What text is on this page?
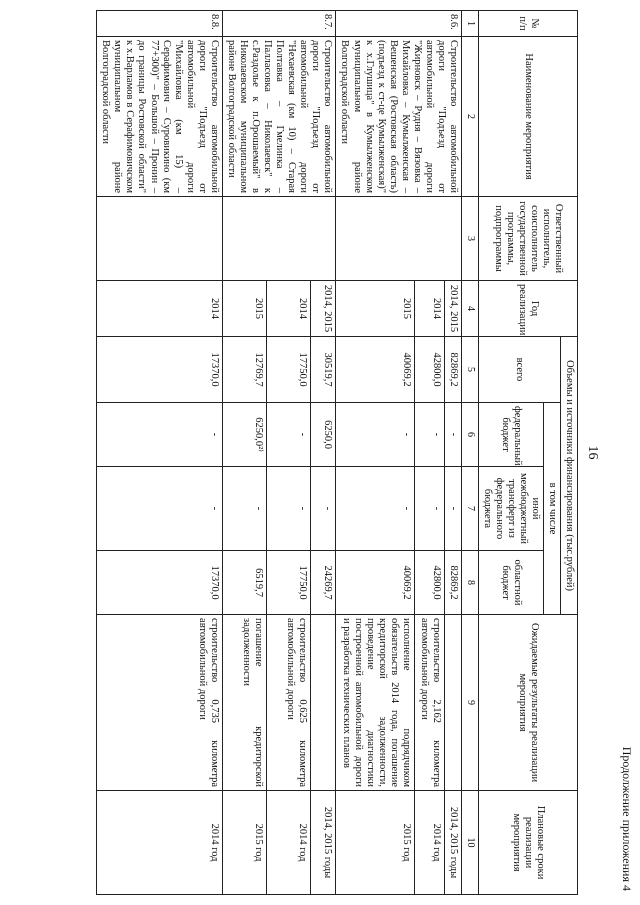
Продолжение приложения 4
16
№ п/п	Наименование мероприятия	Ответственный исполнитель, соисполнитель государственной программы, подпрограммы	Год реализации	Объемы и источники финансирования (тыс.рублей)				Ожидаемые результаты реализации мероприятия	Плановые сроки реализации мероприятия
				всего	в том числе				
					федеральный бюджет	иной межбюджетный трансферт из федерального бюджета	областной бюджет		
1	2	3	4	5	6	7	8	9	10
8.6.	Строительство автомобильной дороги "Подъезд от автомобильной дороги "Жирновск – Рудня – Вязовка – Михайловка – Кумылженская – Вешенская (Ростовская область) (подъезд к ст-це Кумылженская)" к х.Глушица" в Кумылженском муниципальном районе Волгоградской области		2014, 2015	82869,2	-	-	82869,2		2014, 2015 годы
			2014	42800,0	-	-	42800,0	строительство 2,162 километра автомобильной дороги	2014 год
			2015	40069,2	-	-	40069,2	исполнение подрядчиком обязательств 2014 года, погашение кредиторской задолженности, проведение диагностики построенной автомобильной дороги и разработка технических планов	2015 год
8.7.	Строительство автомобильной дороги "Подъезд от автомобильной дороги "Нехаевская (км 10) – Старая Полтавка – Гмелинка – Палласовка – Николаевск" к с.Раздолье к п.Орошаемый" в Николаевском муниципальном районе Волгоградской области		2014, 2015	30519,7	6250,0	-	24269,7		2014, 2015 годы
			2014	17750,0	-	-	17750,0	строительство 0,625 километра автомобильной дороги	2014 год
			2015	12769,7	6250,0²⁾	-	6519,7	погашение кредиторской задолженности	2015 год
8.8.	Строительство автомобильной дороги "Подъезд от автомобильной дороги "Михайловка (км 15) – Серафимович – Суровикино (км 77+300)" – Большой – Пронин – до границы Ростовской области" к х.Варламов в Серафимовичском муниципальном районе Волгоградской области		2014	17370,0	-	-	17370,0	строительство 0,735 километра автомобильной дороги	2014 год
